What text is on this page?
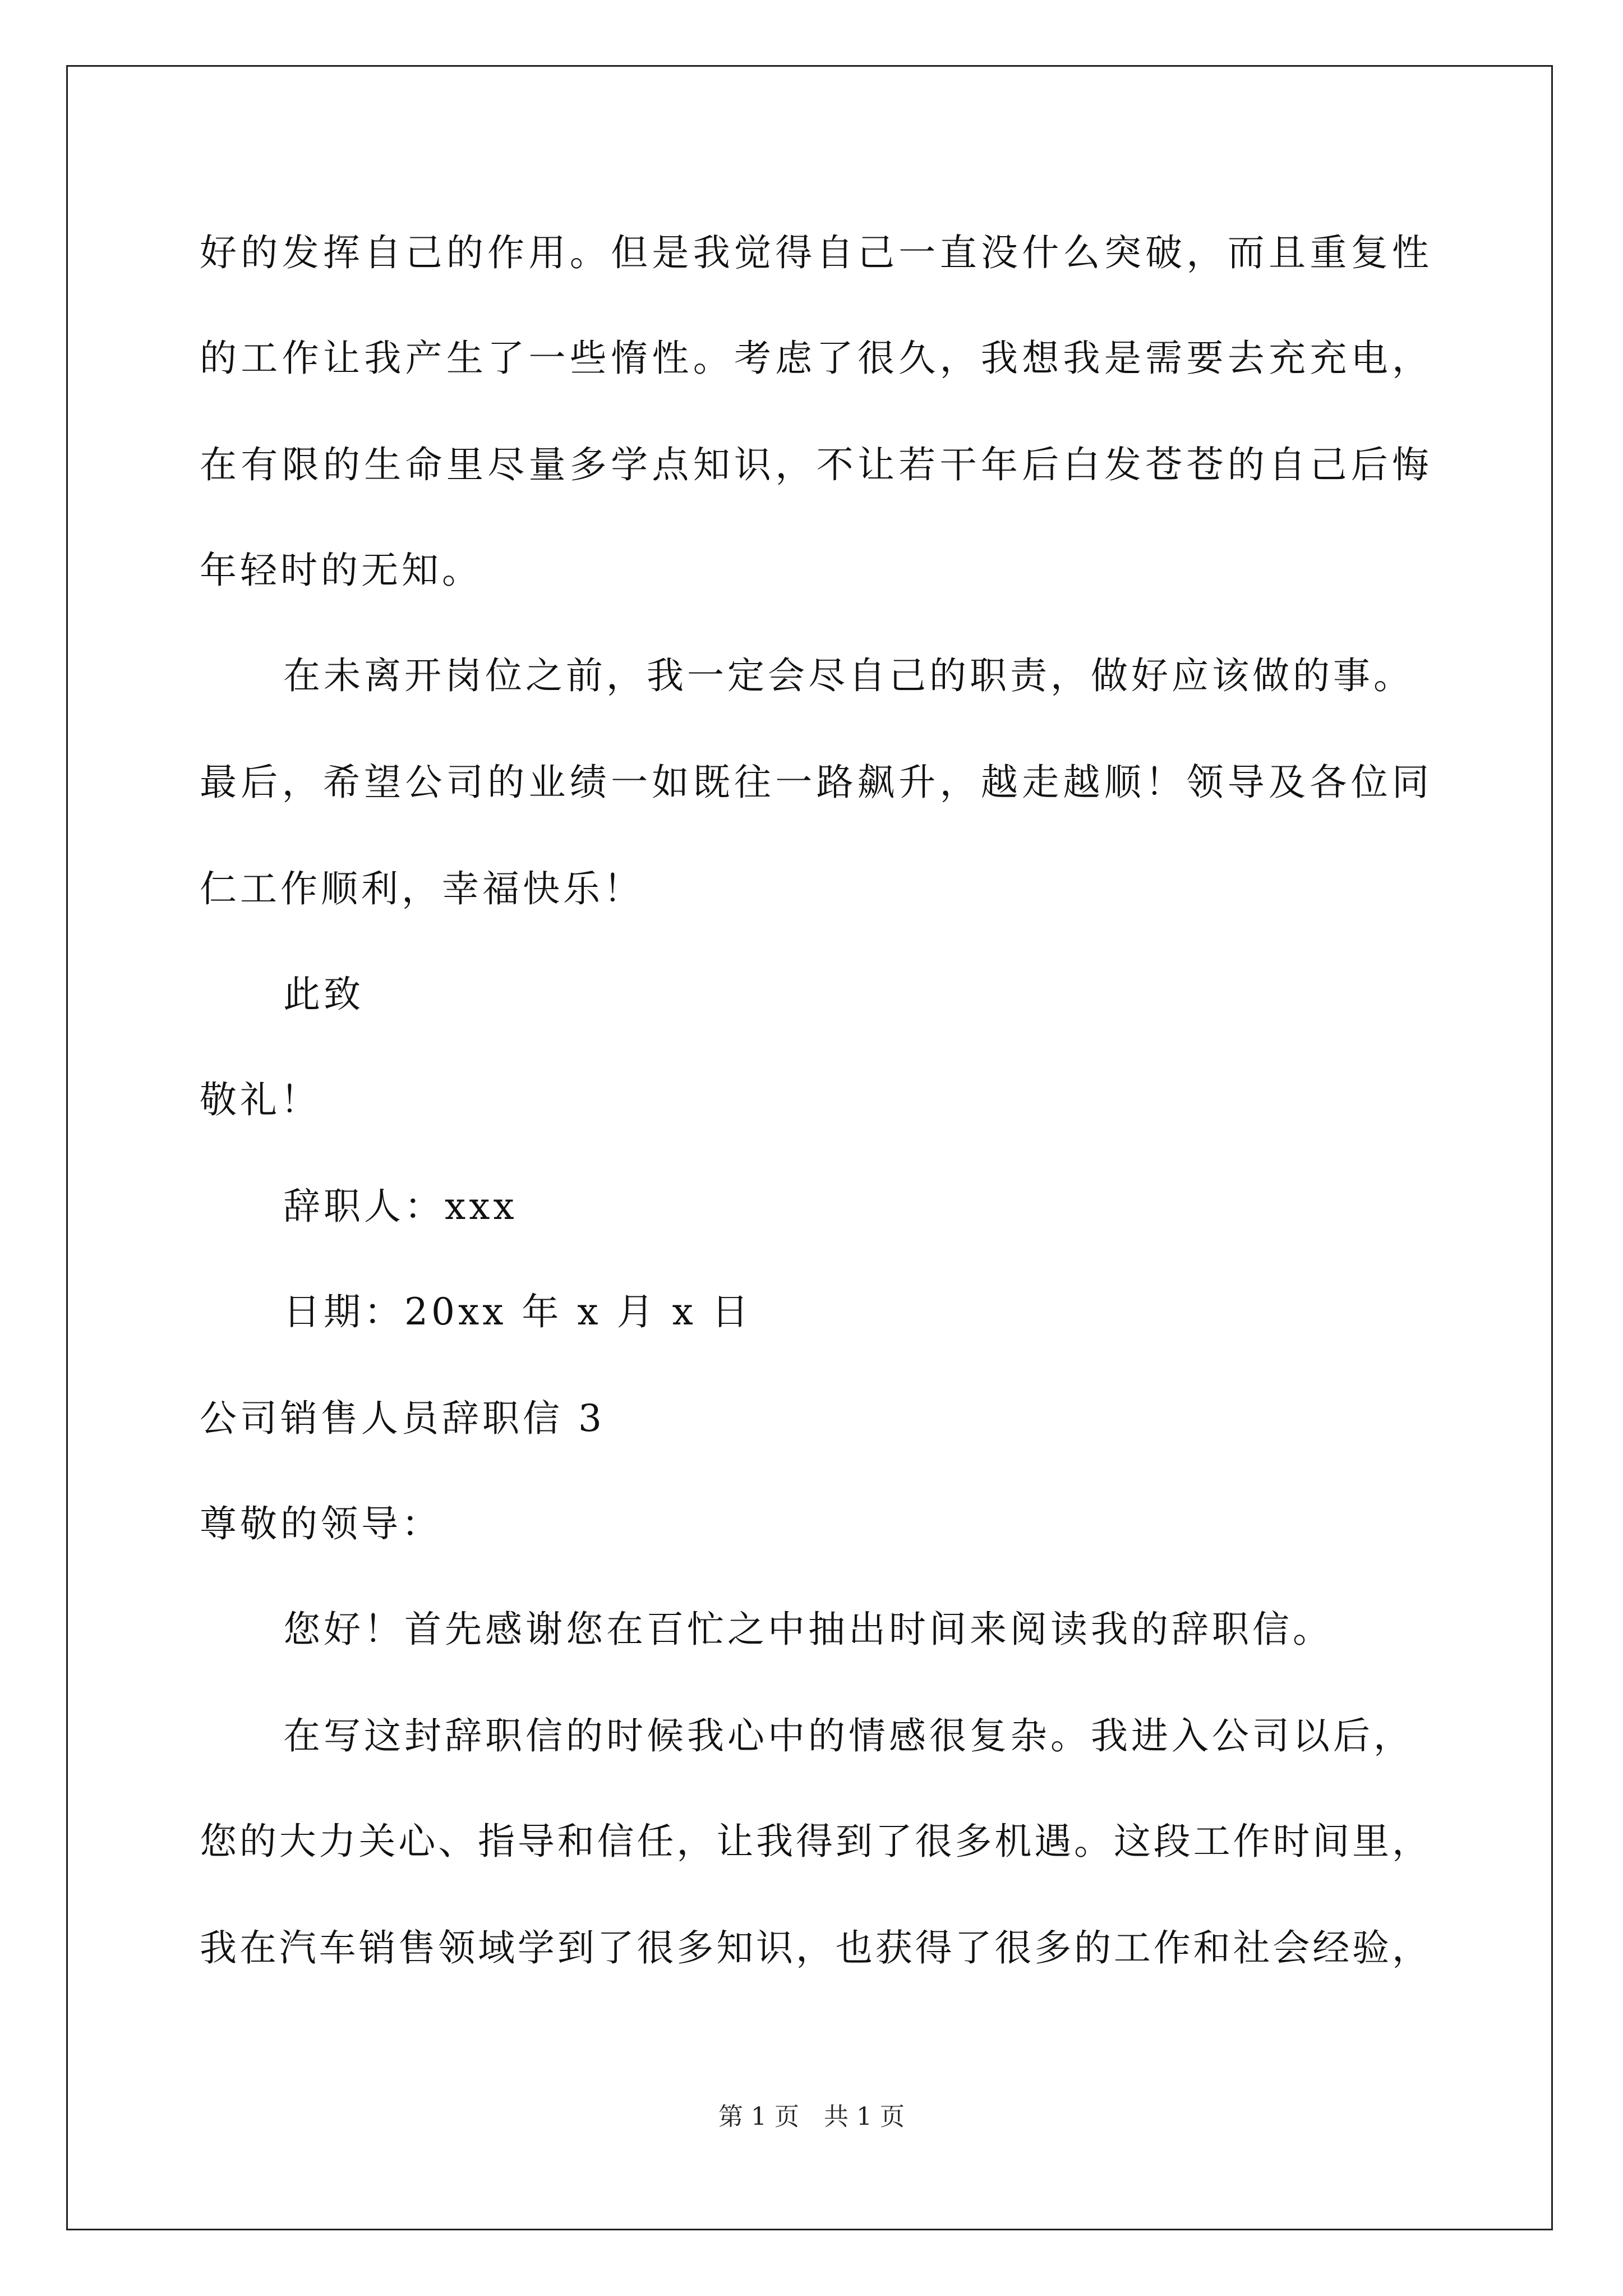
好的发挥自己的作用。但是我觉得自己一直没什么突破，而且重复性
的工作让我产生了一些惰性。考虑了很久，我想我是需要去充充电，
在有限的生命里尽量多学点知识，不让若干年后白发苍苍的自己后悔
年轻时的无知。
在未离开岗位之前，我一定会尽自己的职责，做好应该做的事。
最后，希望公司的业绩一如既往一路飙升，越走越顺！领导及各位同
仁工作顺利，幸福快乐！
此致
敬礼！
辞职人：xxx
日期：20xx 年 x 月 x 日
公司销售人员辞职信 3
尊敬的领导：
您好！首先感谢您在百忙之中抽出时间来阅读我的辞职信。
在写这封辞职信的时候我心中的情感很复杂。我进入公司以后，
您的大力关心、指导和信任，让我得到了很多机遇。这段工作时间里，
我在汽车销售领域学到了很多知识，也获得了很多的工作和社会经验，
第 1 页　共 1 页
